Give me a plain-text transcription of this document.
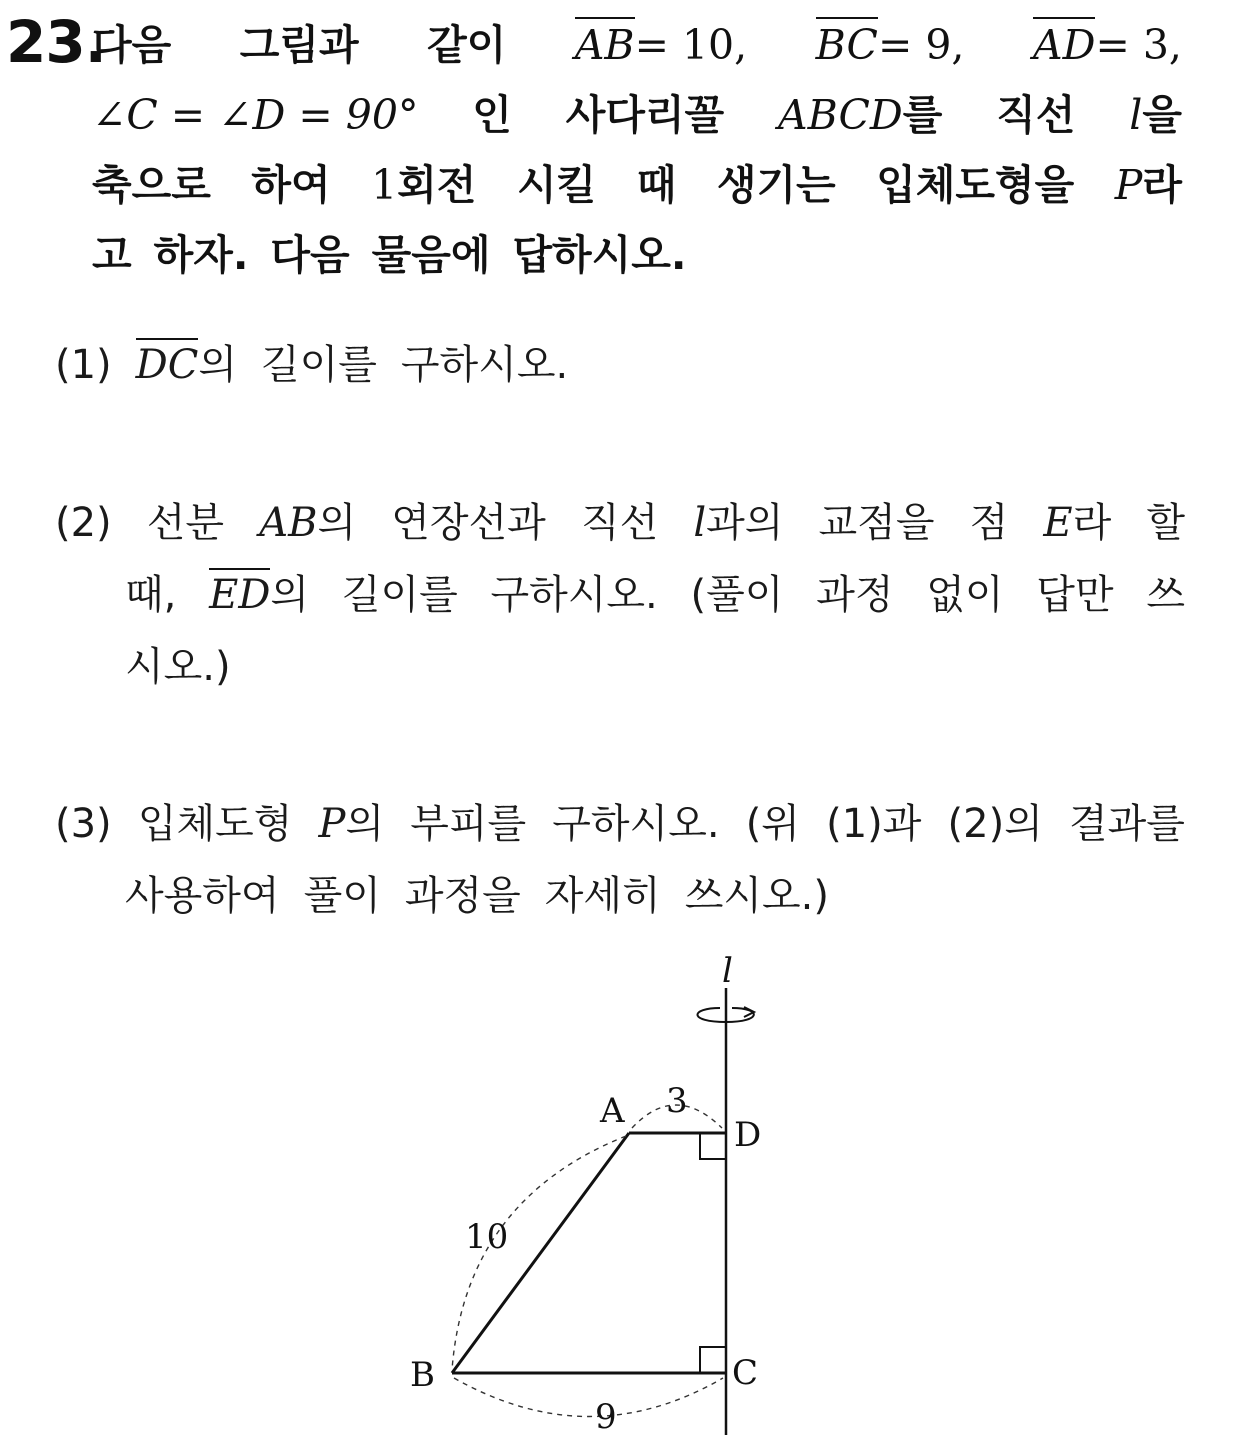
23.
다음 그림과 같이 AB= 10, BC= 9, AD= 3,
∠C = ∠D = 90° 인 사다리꼴 ABCD를 직선 l을
축으로 하여 1회전 시킬 때 생기는 입체도형을 P라
고 하자. 다음 물음에 답하시오.
(1) DC의 길이를 구하시오.
(2) 선분 AB의 연장선과 직선 l과의 교점을 점 E라 할
때, ED의 길이를 구하시오. (풀이 과정 없이 답만 쓰
시오.)
(3) 입체도형 P의 부피를 구하시오. (위 (1)과 (2)의 결과를
사용하여 풀이 과정을 자세히 쓰시오.)
l
A
B	C
D
3
10
9
